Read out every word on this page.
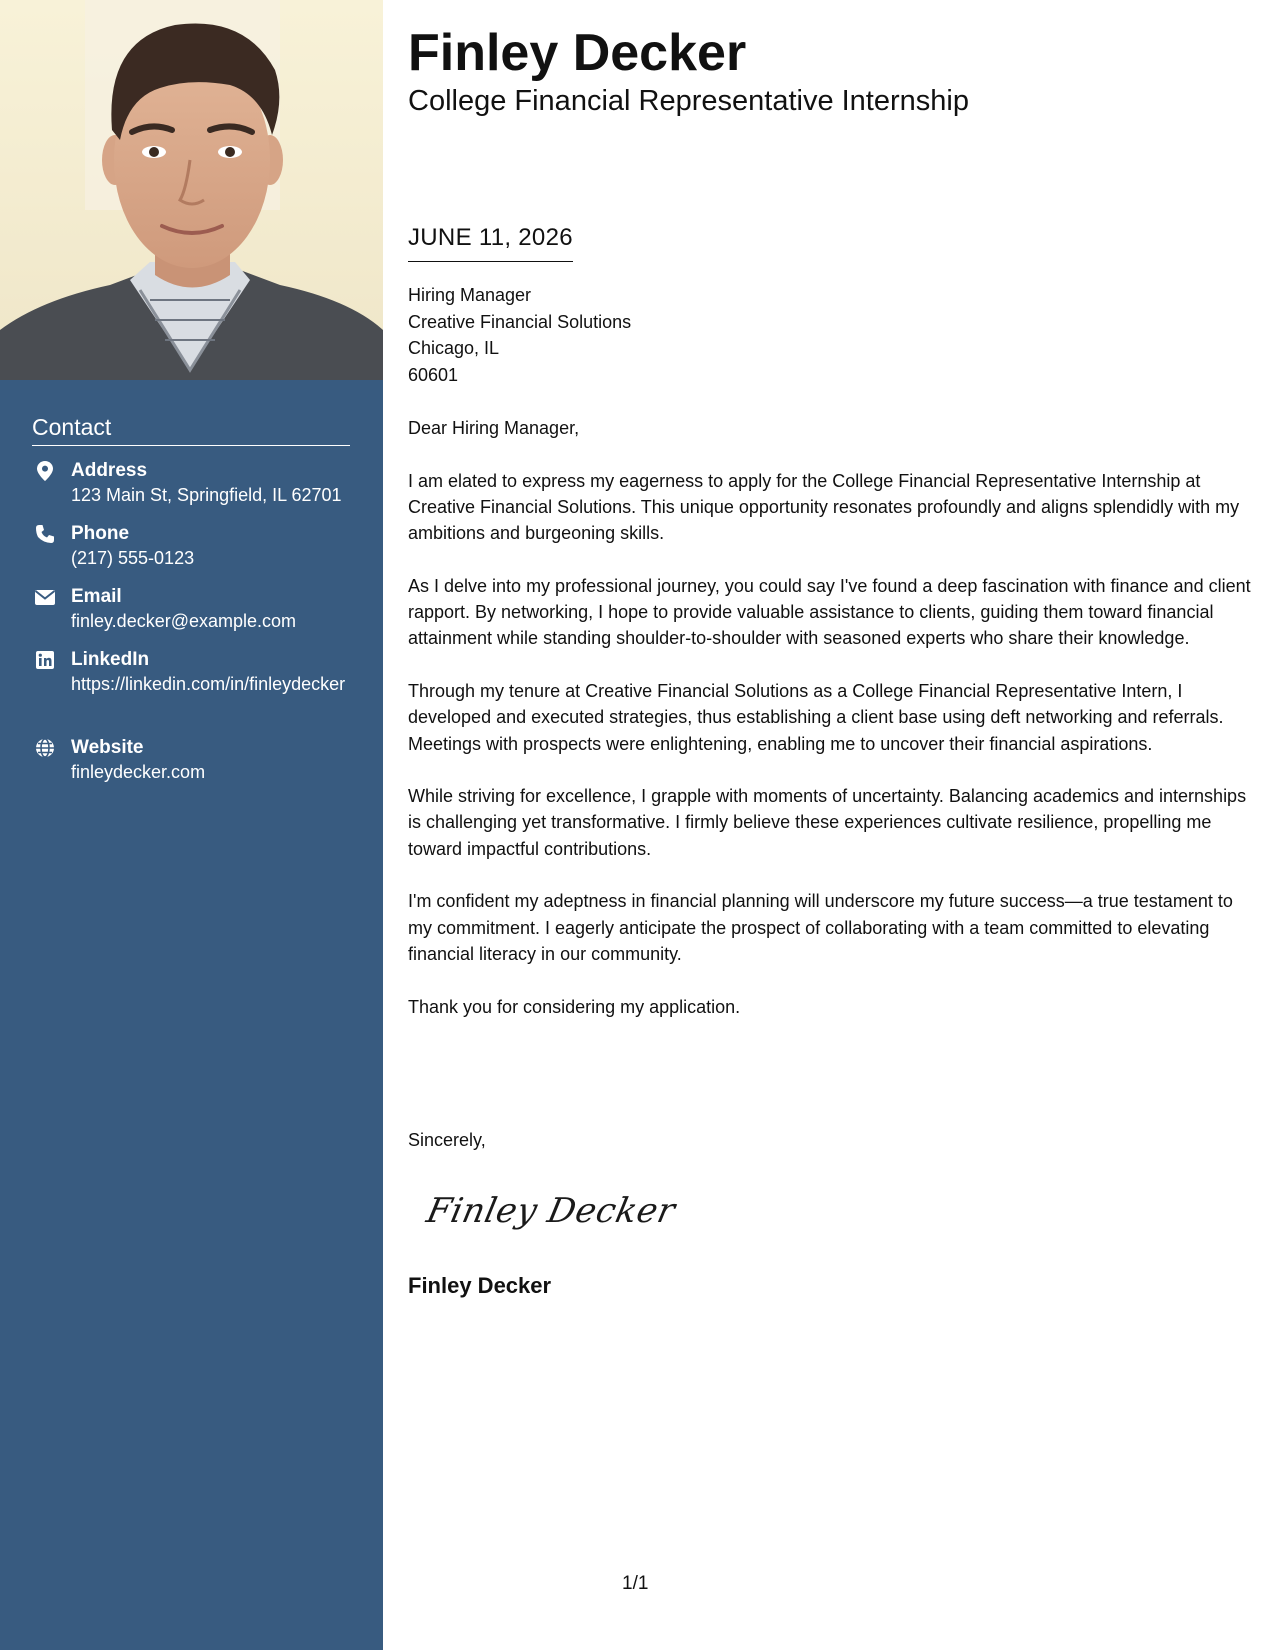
Contact
Address
123 Main St, Springfield, IL 62701
Phone
(217) 555-0123
Email
finley.decker@example.com
LinkedIn
https://linkedin.com/in/finleydecker
Website
finleydecker.com
Finley Decker
College Financial Representative Internship
JUNE 11, 2026
Hiring Manager
Creative Financial Solutions
Chicago, IL
60601

Dear Hiring Manager,

I am elated to express my eagerness to apply for the College Financial Representative Internship at Creative Financial Solutions. This unique opportunity resonates profoundly and aligns splendidly with my ambitions and burgeoning skills.

As I delve into my professional journey, you could say I've found a deep fascination with finance and client rapport. By networking, I hope to provide valuable assistance to clients, guiding them toward financial attainment while standing shoulder-to-shoulder with seasoned experts who share their knowledge.

Through my tenure at Creative Financial Solutions as a College Financial Representative Intern, I developed and executed strategies, thus establishing a client base using deft networking and referrals. Meetings with prospects were enlightening, enabling me to uncover their financial aspirations.

While striving for excellence, I grapple with moments of uncertainty. Balancing academics and internships is challenging yet transformative. I firmly believe these experiences cultivate resilience, propelling me toward impactful contributions.

I'm confident my adeptness in financial planning will underscore my future success—a true testament to my commitment. I eagerly anticipate the prospect of collaborating with a team committed to elevating financial literacy in our community.

Thank you for considering my application.

Sincerely,
Finley Decker
Finley Decker
1/1
